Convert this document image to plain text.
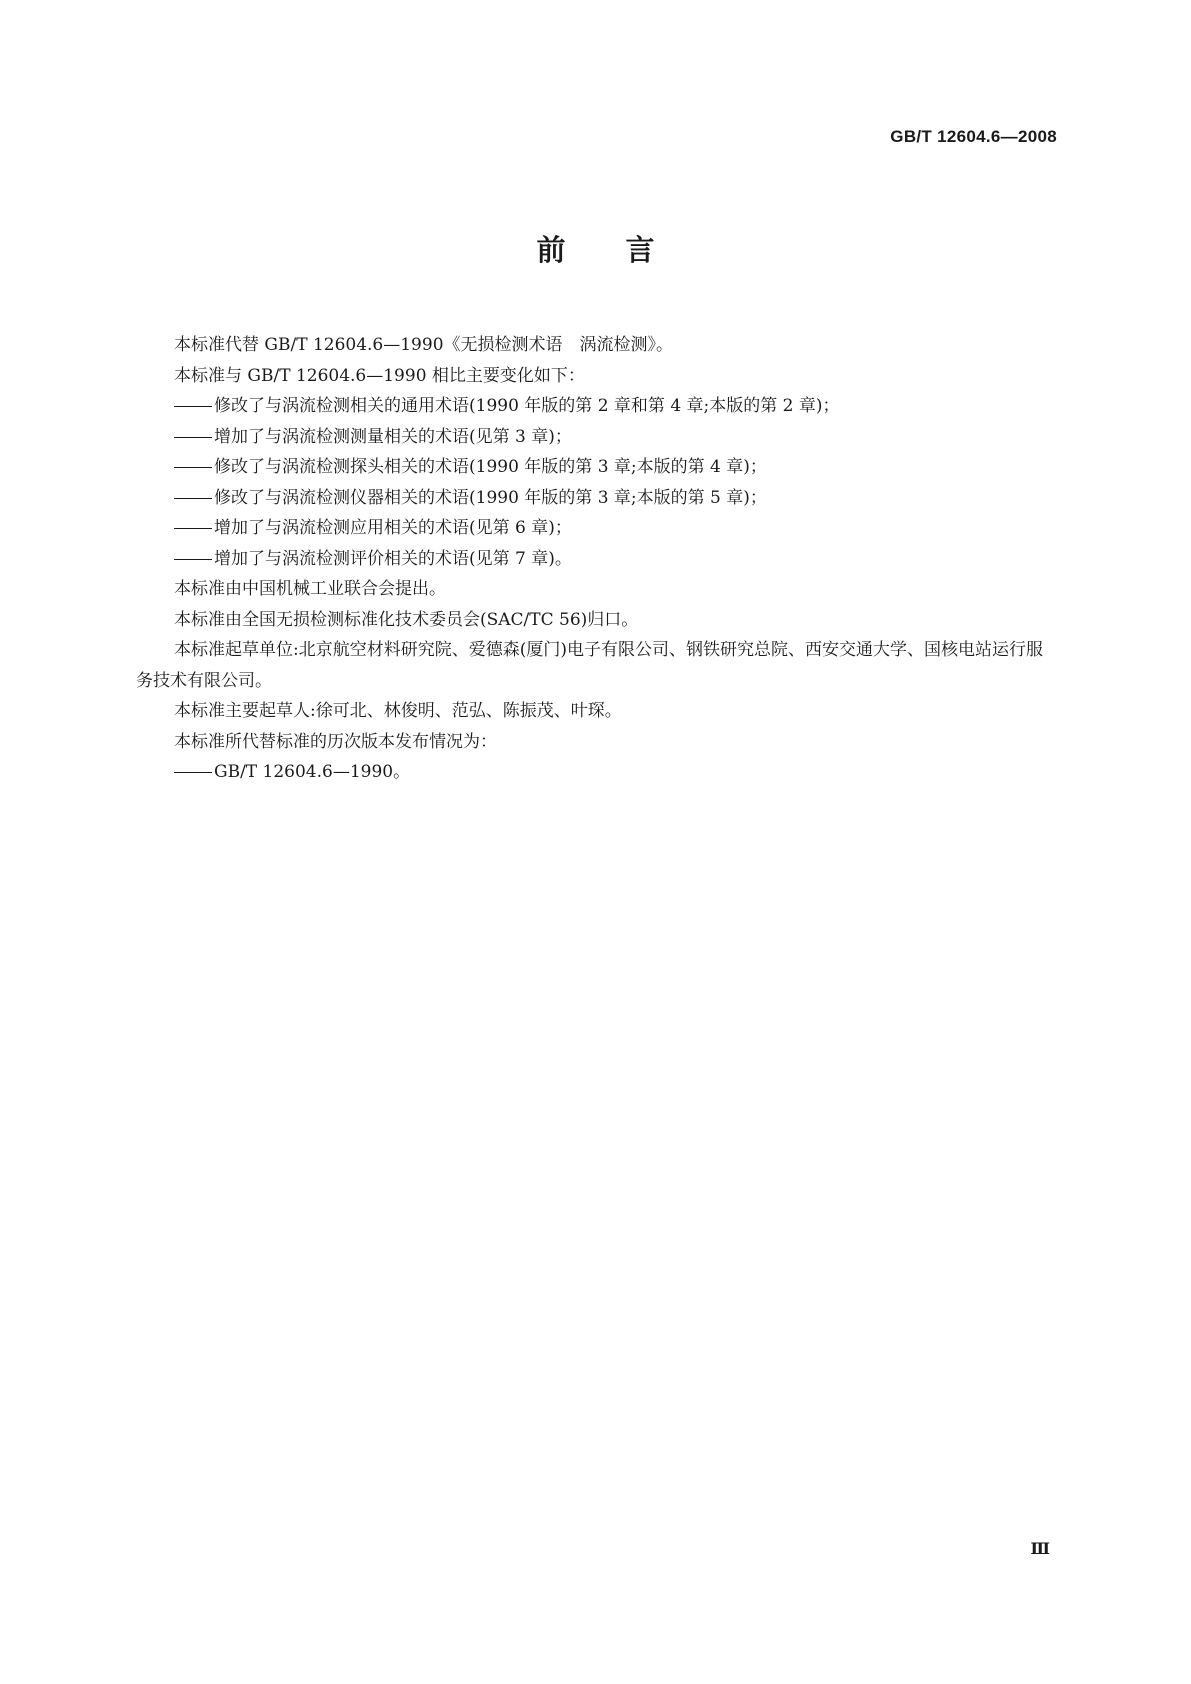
GB/T 12604.6—2008
前言

本标准代替 GB/T 12604.6—1990《无损检测术语　涡流检测》。

本标准与 GB/T 12604.6—1990 相比主要变化如下：

修改了与涡流检测相关的通用术语(1990 年版的第 2 章和第 4 章;本版的第 2 章)；

增加了与涡流检测测量相关的术语(见第 3 章)；

修改了与涡流检测探头相关的术语(1990 年版的第 3 章;本版的第 4 章)；

修改了与涡流检测仪器相关的术语(1990 年版的第 3 章;本版的第 5 章)；

增加了与涡流检测应用相关的术语(见第 6 章)；

增加了与涡流检测评价相关的术语(见第 7 章)。

本标准由中国机械工业联合会提出。

本标准由全国无损检测标准化技术委员会(SAC/TC 56)归口。

本标准起草单位:北京航空材料研究院、爱德森(厦门)电子有限公司、钢铁研究总院、西安交通大学、国核电站运行服务技术有限公司。

本标准主要起草人:徐可北、林俊明、范弘、陈振茂、叶琛。

本标准所代替标准的历次版本发布情况为：

GB/T 12604.6—1990。

Ⅲ
